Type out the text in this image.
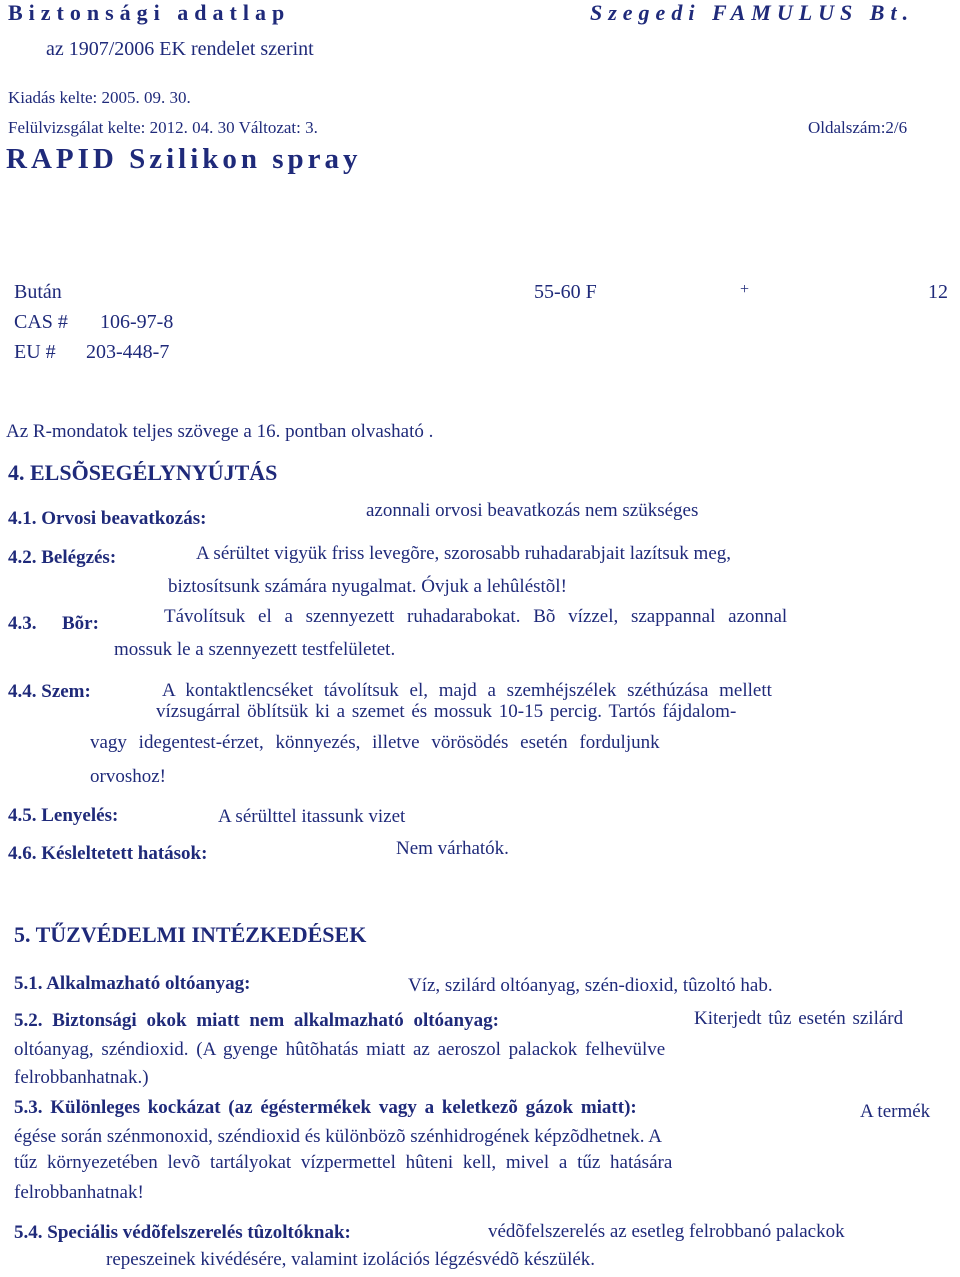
Biztonsági adatlap	Szegedi FAMULUS Bt.
az 1907/2006 EK rendelet szerint
Kiadás kelte: 2005. 09. 30.
Felülvizsgálat kelte: 2012. 04. 30 Változat: 3.	Oldalszám:2/6
RAPID Szilikon spray
Bután	55-60 F	+	12
CAS # 106-97-8
EU # 203-448-7
Az R-mondatok teljes szövege a 16. pontban olvasható .
4. ELSÕSEGÉLYNYÚJTÁS
4.1. Orvosi beavatkozás:	azonnali orvosi beavatkozás nem szükséges
4.2. Belégzés:	A sérültet vigyük friss levegõre, szorosabb ruhadarabjait lazítsuk meg,
biztosítsunk számára nyugalmat. Óvjuk a lehûléstõl!
4.3. Bõr:	Távolítsuk el a szennyezett ruhadarabokat. Bõ vízzel, szappannal azonnal
mossuk le a szennyezett testfelületet.
4.4. Szem:	A kontaktlencséket távolítsuk el, majd a szemhéjszélek széthúzása mellett
vízsugárral öblítsük ki a szemet és mossuk 10-15 percig. Tartós fájdalom-
vagy idegentest-érzet, könnyezés, illetve vörösödés esetén forduljunk
orvoshoz!
4.5. Lenyelés:	A sérülttel itassunk vizet
4.6. Késleltetett hatások:	Nem várhatók.
5. TŰZVÉDELMI INTÉZKEDÉSEK
5.1. Alkalmazható oltóanyag:	Víz, szilárd oltóanyag, szén-dioxid, tûzoltó hab.
5.2. Biztonsági okok miatt nem alkalmazható oltóanyag:	Kiterjedt tûz esetén szilárd
oltóanyag, széndioxid. (A gyenge hûtõhatás miatt az aeroszol palackok felhevülve
felrobbanhatnak.)
5.3. Különleges kockázat (az égéstermékek vagy a keletkezõ gázok miatt):	A termék
égése során szénmonoxid, széndioxid és különbözõ szénhidrogének képzõdhetnek. A
tűz környezetében levõ tartályokat vízpermettel hûteni kell, mivel a tűz hatására
felrobbanhatnak!
5.4. Speciális védõfelszerelés tûzoltóknak:	védõfelszerelés az esetleg felrobbanó palackok
repeszeinek kivédésére, valamint izolációs légzésvédõ készülék.
